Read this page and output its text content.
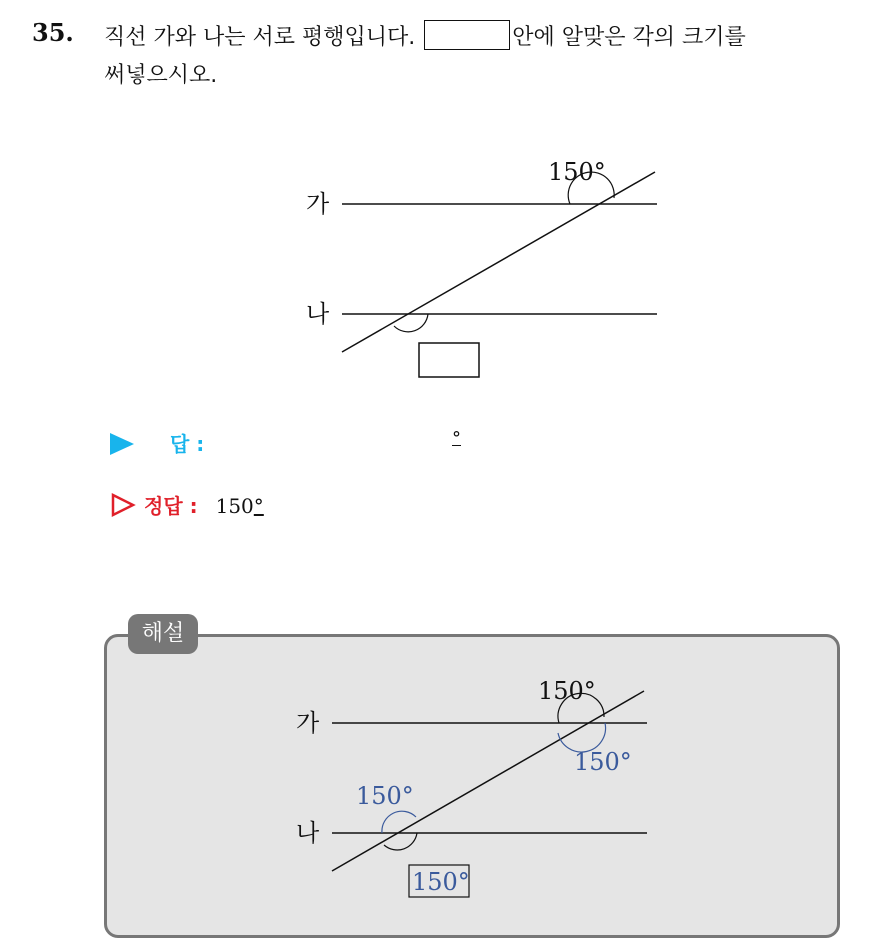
35. 직선 가와 나는 서로 평행입니다.	안에 알맞은 각의 크기를
써넣으시오.
가
나
150°
답 :	°
정답 : 150°
해설
가
나
150°
150°
150°
150°
